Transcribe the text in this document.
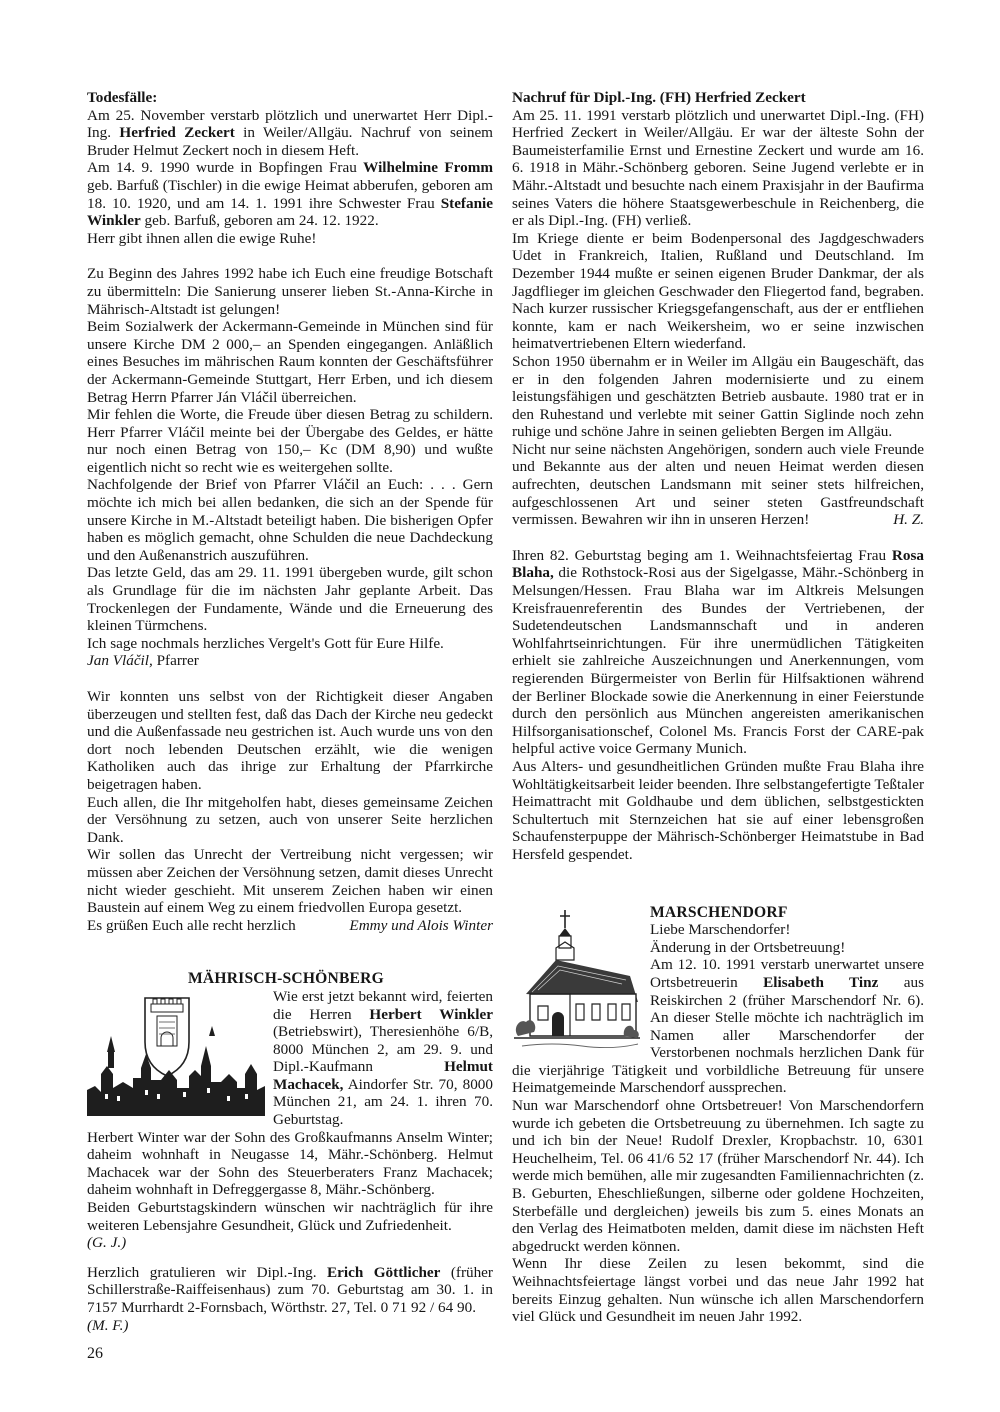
Todesfälle:

Am 25. November verstarb plötzlich und unerwartet Herr Dipl.-Ing. Herfried Zeckert in Weiler/Allgäu. Nachruf von seinem Bruder Helmut Zeckert noch in diesem Heft.

Am 14. 9. 1990 wurde in Bopfingen Frau Wilhelmine Fromm geb. Barfuß (Tischler) in die ewige Heimat abberufen, geboren am 18. 10. 1920, und am 14. 1. 1991 ihre Schwester Frau Stefanie Winkler geb. Barfuß, geboren am 24. 12. 1922.

Herr gibt ihnen allen die ewige Ruhe!

Zu Beginn des Jahres 1992 habe ich Euch eine freudige Botschaft zu übermitteln: Die Sanierung unserer lieben St.-Anna-Kirche in Mährisch-Altstadt ist gelungen!

Beim Sozialwerk der Ackermann-Gemeinde in München sind für unsere Kirche DM 2 000,– an Spenden eingegangen. Anläßlich eines Besuches im mährischen Raum konnten der Geschäftsführer der Ackermann-Gemeinde Stuttgart, Herr Erben, und ich diesem Betrag Herrn Pfarrer Ján Vláčil überreichen.

Mir fehlen die Worte, die Freude über diesen Betrag zu schildern. Herr Pfarrer Vláčil meinte bei der Übergabe des Geldes, er hätte nur noch einen Betrag von 150,– Kc (DM 8,90) und wußte eigentlich nicht so recht wie es weitergehen sollte.

Nachfolgende der Brief von Pfarrer Vláčil an Euch: . . . Gern möchte ich mich bei allen bedanken, die sich an der Spende für unsere Kirche in M.-Altstadt beteiligt haben. Die bisherigen Opfer haben es möglich gemacht, ohne Schulden die neue Dachdeckung und den Außenanstrich auszuführen.

Das letzte Geld, das am 29. 11. 1991 übergeben wurde, gilt schon als Grundlage für die im nächsten Jahr geplante Arbeit. Das Trockenlegen der Fundamente, Wände und die Erneuerung des kleinen Türmchens.

Ich sage nochmals herzliches Vergelt's Gott für Eure Hilfe.

Jan Vláčil, Pfarrer

Wir konnten uns selbst von der Richtigkeit dieser Angaben überzeugen und stellten fest, daß das Dach der Kirche neu gedeckt und die Außenfassade neu gestrichen ist. Auch wurde uns von den dort noch lebenden Deutschen erzählt, wie die wenigen Katholiken auch das ihrige zur Erhaltung der Pfarrkirche beigetragen haben.

Euch allen, die Ihr mitgeholfen habt, dieses gemeinsame Zeichen der Versöhnung zu setzen, auch von unserer Seite herzlichen Dank.

Wir sollen das Unrecht der Vertreibung nicht vergessen; wir müssen aber Zeichen der Versöhnung setzen, damit dieses Unrecht nicht wieder geschieht. Mit unserem Zeichen haben wir einen Baustein auf einem Weg zu einem friedvollen Europa gesetzt.

Es grüßen Euch alle recht herzlich	Emmy und Alois Winter

MÄHRISCH-SCHÖNBERG

Wie erst jetzt bekannt wird, feierten die Herren Herbert Winkler (Betriebswirt), Theresienhöhe 6/B, 8000 München 2, am 29. 9. und Dipl.-Kaufmann Helmut Machacek, Aindorfer Str. 70, 8000 München 21, am 24. 1. ihren 70. Geburtstag.

Herbert Winter war der Sohn des Großkaufmanns Anselm Winter; daheim wohnhaft in Neugasse 14, Mähr.-Schönberg. Helmut Machacek war der Sohn des Steuerberaters Franz Machacek; daheim wohnhaft in Defreggergasse 8, Mähr.-Schönberg.

Beiden Geburtstagskindern wünschen wir nachträglich für ihre weiteren Lebensjahre Gesundheit, Glück und Zufriedenheit.

(G. J.)

Herzlich gratulieren wir Dipl.-Ing. Erich Göttlicher (früher Schillerstraße-Raiffeisenhaus) zum 70. Geburtstag am 30. 1. in 7157 Murrhardt 2-Fornsbach, Wörthstr. 27, Tel. 0 71 92 / 64 90.

(M. F.)

Nachruf für Dipl.-Ing. (FH) Herfried Zeckert

Am 25. 11. 1991 verstarb plötzlich und unerwartet Dipl.-Ing. (FH) Herfried Zeckert in Weiler/Allgäu. Er war der älteste Sohn der Baumeisterfamilie Ernst und Ernestine Zeckert und wurde am 16. 6. 1918 in Mähr.-Schönberg geboren. Seine Jugend verlebte er in Mähr.-Altstadt und besuchte nach einem Praxisjahr in der Baufirma seines Vaters die höhere Staatsgewerbeschule in Reichenberg, die er als Dipl.-Ing. (FH) verließ.

Im Kriege diente er beim Bodenpersonal des Jagdgeschwaders Udet in Frankreich, Italien, Rußland und Deutschland. Im Dezember 1944 mußte er seinen eigenen Bruder Dankmar, der als Jagdflieger im gleichen Geschwader den Fliegertod fand, begraben. Nach kurzer russischer Kriegsgefangenschaft, aus der er entfliehen konnte, kam er nach Weikersheim, wo er seine inzwischen heimatvertriebenen Eltern wiederfand.

Schon 1950 übernahm er in Weiler im Allgäu ein Baugeschäft, das er in den folgenden Jahren modernisierte und zu einem leistungsfähigen und geschätzten Betrieb ausbaute. 1980 trat er in den Ruhestand und verlebte mit seiner Gattin Siglinde noch zehn ruhige und schöne Jahre in seinen geliebten Bergen im Allgäu.

Nicht nur seine nächsten Angehörigen, sondern auch viele Freunde und Bekannte aus der alten und neuen Heimat werden diesen aufrechten, deutschen Landsmann mit seiner stets hilfreichen, aufgeschlossenen Art und seiner steten Gastfreundschaft vermissen. Bewahren wir ihn in unseren Herzen!	H. Z.

Ihren 82. Geburtstag beging am 1. Weihnachtsfeiertag Frau Rosa Blaha, die Rothstock-Rosi aus der Sigelgasse, Mähr.-Schönberg in Melsungen/Hessen. Frau Blaha war im Altkreis Melsungen Kreisfrauenreferentin des Bundes der Vertriebenen, der Sudetendeutschen Landsmannschaft und in anderen Wohlfahrtseinrichtungen. Für ihre unermüdlichen Tätigkeiten erhielt sie zahlreiche Auszeichnungen und Anerkennungen, vom regierenden Bürgermeister von Berlin für Hilfsaktionen während der Berliner Blockade sowie die Anerkennung in einer Feierstunde durch den persönlich aus München angereisten amerikanischen Hilfsorganisationschef, Colonel Ms. Francis Forst der CARE-pak helpful active voice Germany Munich.

Aus Alters- und gesundheitlichen Gründen mußte Frau Blaha ihre Wohltätigkeitsarbeit leider beenden. Ihre selbstangefertigte Teßtaler Heimattracht mit Goldhaube und dem üblichen, selbstgestickten Schultertuch mit Sternzeichen hat sie auf einer lebensgroßen Schaufensterpuppe der Mährisch-Schönberger Heimatstube in Bad Hersfeld gespendet.

MARSCHENDORF

Liebe Marschendorfer!

Änderung in der Ortsbetreuung!

Am 12. 10. 1991 verstarb unerwartet unsere Ortsbetreuerin Elisabeth Tinz aus Reiskirchen 2 (früher Marschendorf Nr. 6). An dieser Stelle möchte ich nachträglich im Namen aller Marschendorfer der Verstorbenen nochmals herzlichen Dank für die vierjährige Tätigkeit und vorbildliche Betreuung für unsere Heimatgemeinde Marschendorf aussprechen.

Nun war Marschendorf ohne Ortsbetreuer! Von Marschendorfern wurde ich gebeten die Ortsbetreuung zu übernehmen. Ich sagte zu und ich bin der Neue! Rudolf Drexler, Kropbachstr. 10, 6301 Heuchelheim, Tel. 06 41/6 52 17 (früher Marschendorf Nr. 44). Ich werde mich bemühen, alle mir zugesandten Familiennachrichten (z. B. Geburten, Eheschließungen, silberne oder goldene Hochzeiten, Sterbefälle und dergleichen) jeweils bis zum 5. eines Monats an den Verlag des Heimatboten melden, damit diese im nächsten Heft abgedruckt werden können.

Wenn Ihr diese Zeilen zu lesen bekommt, sind die Weihnachtsfeiertage längst vorbei und das neue Jahr 1992 hat bereits Einzug gehalten. Nun wünsche ich allen Marschendorfern viel Glück und Gesundheit im neuen Jahr 1992.

26
